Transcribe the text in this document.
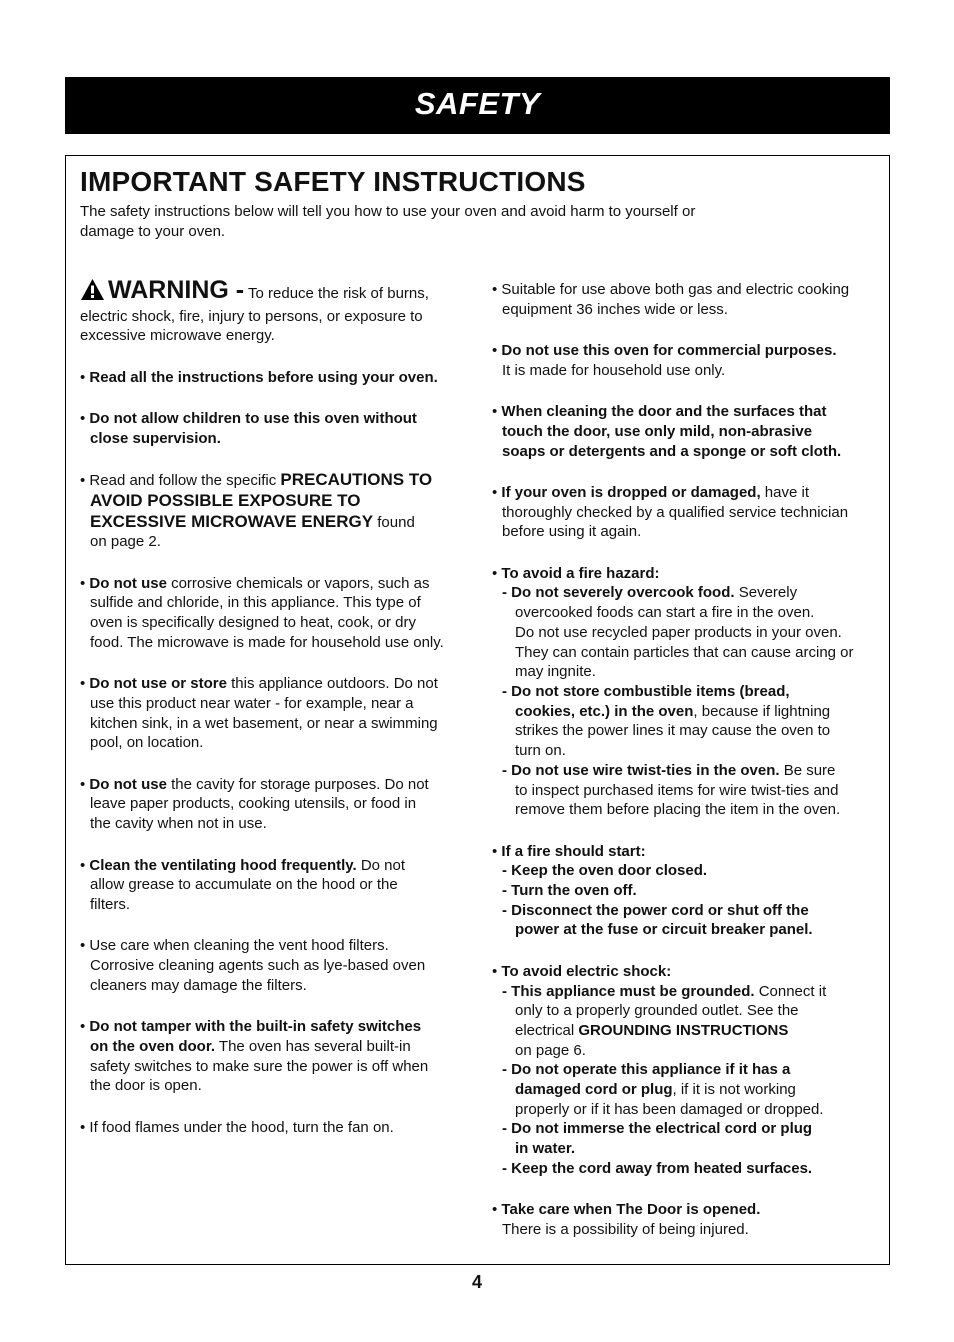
SAFETY
IMPORTANT SAFETY INSTRUCTIONS
The safety instructions below will tell you how to use your oven and avoid harm to yourself or
damage to your oven.

WARNING - To reduce the risk of burns,
electric shock, fire, injury to persons, or exposure to
excessive microwave energy.

• Read all the instructions before using your oven.

• Do not allow children to use this oven without
close supervision.

• Read and follow the specific PRECAUTIONS TO
AVOID POSSIBLE EXPOSURE TO
EXCESSIVE MICROWAVE ENERGY found
on page 2.

• Do not use corrosive chemicals or vapors, such as
sulfide and chloride, in this appliance. This type of
oven is specifically designed to heat, cook, or dry
food. The microwave is made for household use only.

• Do not use or store this appliance outdoors. Do not
use this product near water - for example, near a
kitchen sink, in a wet basement, or near a swimming
pool, on location.

• Do not use the cavity for storage purposes. Do not
leave paper products, cooking utensils, or food in
the cavity when not in use.

• Clean the ventilating hood frequently. Do not
allow grease to accumulate on the hood or the
filters.

• Use care when cleaning the vent hood filters.
Corrosive cleaning agents such as lye-based oven
cleaners may damage the filters.

• Do not tamper with the built-in safety switches
on the oven door. The oven has several built-in
safety switches to make sure the power is off when
the door is open.

• If food flames under the hood, turn the fan on.

• Suitable for use above both gas and electric cooking
equipment 36 inches wide or less.

• Do not use this oven for commercial purposes.
It is made for household use only.

• When cleaning the door and the surfaces that
touch the door, use only mild, non-abrasive
soaps or detergents and a sponge or soft cloth.

• If your oven is dropped or damaged, have it
thoroughly checked by a qualified service technician
before using it again.

• To avoid a fire hazard:
- Do not severely overcook food. Severely
overcooked foods can start a fire in the oven.
Do not use recycled paper products in your oven.
They can contain particles that can cause arcing or
may ingnite.
- Do not store combustible items (bread,
cookies, etc.) in the oven, because if lightning
strikes the power lines it may cause the oven to
turn on.
- Do not use wire twist-ties in the oven. Be sure
to inspect purchased items for wire twist-ties and
remove them before placing the item in the oven.

• If a fire should start:
- Keep the oven door closed.
- Turn the oven off.
- Disconnect the power cord or shut off the
power at the fuse or circuit breaker panel.

• To avoid electric shock:
- This appliance must be grounded. Connect it
only to a properly grounded outlet. See the
electrical GROUNDING INSTRUCTIONS
on page 6.
- Do not operate this appliance if it has a
damaged cord or plug, if it is not working
properly or if it has been damaged or dropped.
- Do not immerse the electrical cord or plug
in water.
- Keep the cord away from heated surfaces.

• Take care when The Door is opened.
There is a possibility of being injured.

4
